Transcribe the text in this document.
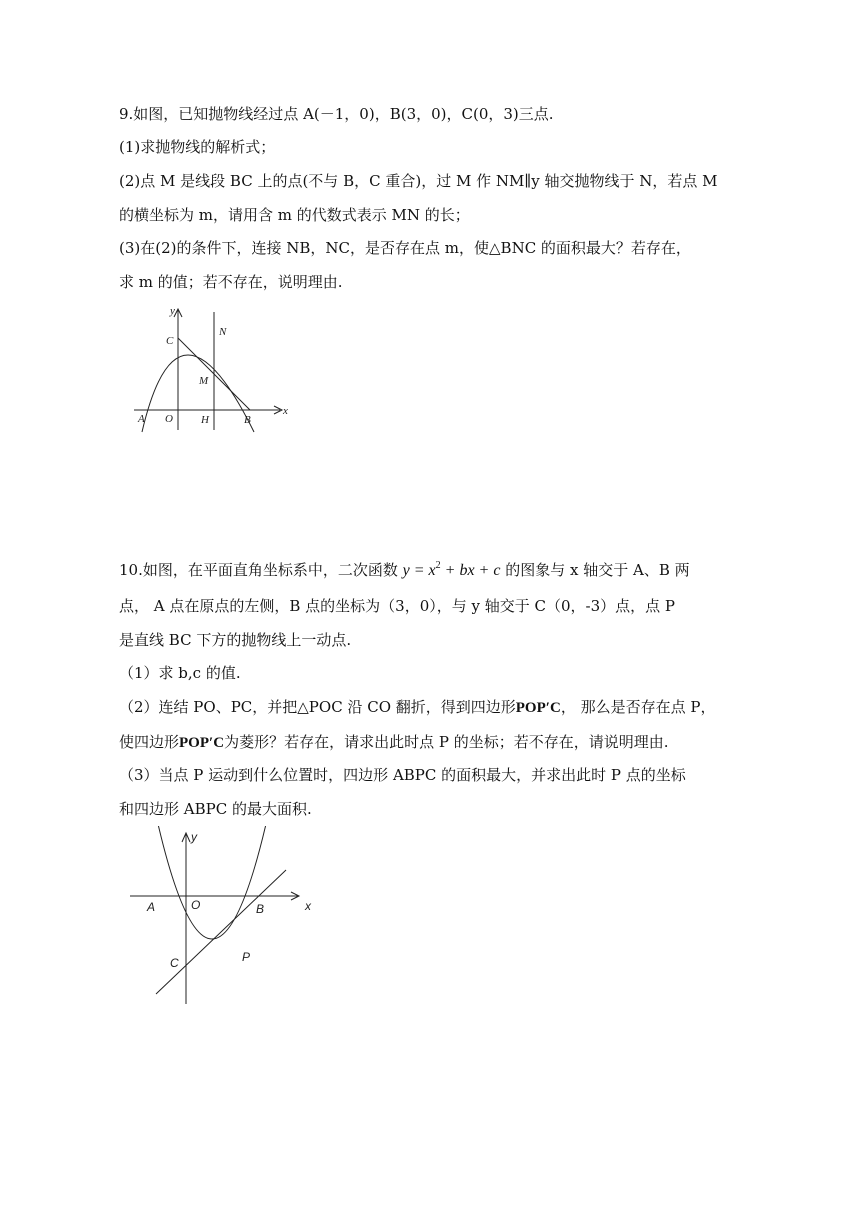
9.如图，已知抛物线经过点 A(－1，0)，B(3，0)，C(0，3)三点.
(1)求抛物线的解析式；
(2)点 M 是线段 BC 上的点(不与 B，C 重合)，过 M 作 NM∥y 轴交抛物线于 N，若点 M
的横坐标为 m，请用含 m 的代数式表示 MN 的长；
(3)在(2)的条件下，连接 NB，NC，是否存在点 m，使△BNC 的面积最大？若存在，
求 m 的值；若不存在，说明理由.
y
C
N
M
A O	H	B
x
10.如图，在平面直角坐标系中，二次函数 $y = x^2$ + bx + c 的图象与 x 轴交于 A、B 两
点， A 点在原点的左侧，B 点的坐标为（3，0），与 y 轴交于 C（0，-3）点，点 P
是直线 BC 下方的抛物线上一动点.
（1）求 b,c 的值.
（2）连结 PO、PC，并把△POC 沿 CO 翻折，得到四边形POP′C， 那么是否存在点 P，
使四边形POP′C为菱形？若存在，请求出此时点 P 的坐标；若不存在，请说明理由.
（3）当点 P 运动到什么位置时，四边形 ABPC 的面积最大，并求出此时 P 点的坐标
和四边形 ABPC 的最大面积.
y
A	O	B	x
C	P
